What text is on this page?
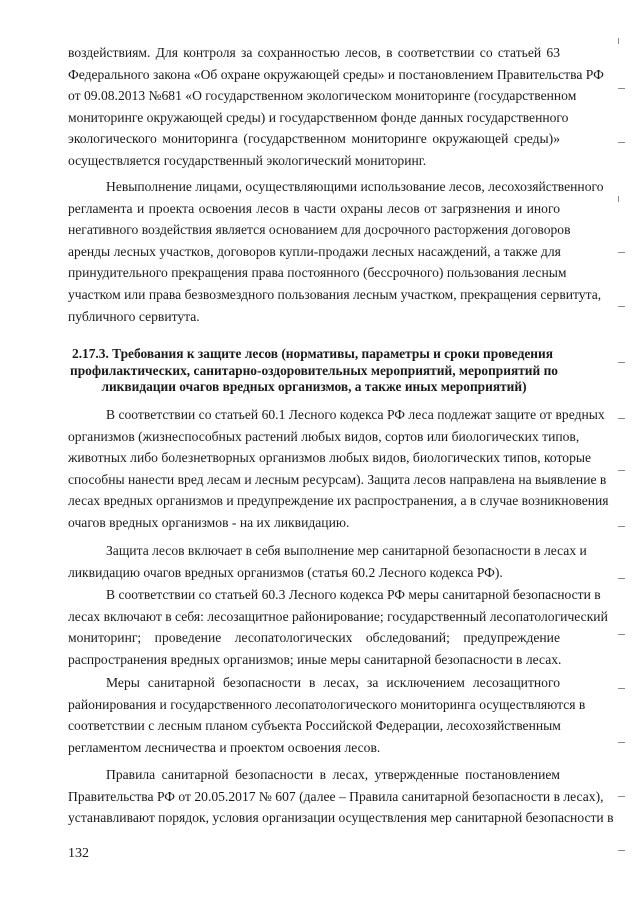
воздействиям. Для контроля за сохранностью лесов, в соответствии со статьей 63
Федерального закона «Об охране окружающей среды» и постановлением Правительства РФ
от 09.08.2013 №681 «О государственном экологическом мониторинге (государственном
мониторинге окружающей среды) и государственном фонде данных государственного
экологического мониторинга (государственном мониторинге окружающей среды)»
осуществляется государственный экологический мониторинг.
Невыполнение лицами, осуществляющими использование лесов, лесохозяйственного
регламента и проекта освоения лесов в части охраны лесов от загрязнения и иного
негативного воздействия является основанием для досрочного расторжения договоров
аренды лесных участков, договоров купли-продажи лесных насаждений, а также для
принудительного прекращения права постоянного (бессрочного) пользования лесным
участком или права безвозмездного пользования лесным участком, прекращения сервитута,
публичного сервитута.
2.17.3. Требования к защите лесов (нормативы, параметры и сроки проведения
профилактических, санитарно-оздоровительных мероприятий, мероприятий по
ликвидации очагов вредных организмов, а также иных мероприятий)
В соответствии со статьей 60.1 Лесного кодекса РФ леса подлежат защите от вредных
организмов (жизнеспособных растений любых видов, сортов или биологических типов,
животных либо болезнетворных организмов любых видов, биологических типов, которые
способны нанести вред лесам и лесным ресурсам). Защита лесов направлена на выявление в
лесах вредных организмов и предупреждение их распространения, а в случае возникновения
очагов вредных организмов - на их ликвидацию.
Защита лесов включает в себя выполнение мер санитарной безопасности в лесах и
ликвидацию очагов вредных организмов (статья 60.2 Лесного кодекса РФ).
В соответствии со статьей 60.3 Лесного кодекса РФ меры санитарной безопасности в
лесах включают в себя: лесозащитное районирование; государственный лесопатологический
мониторинг; проведение лесопатологических обследований; предупреждение
распространения вредных организмов; иные меры санитарной безопасности в лесах.
Меры санитарной безопасности в лесах, за исключением лесозащитного
районирования и государственного лесопатологического мониторинга осуществляются в
соответствии с лесным планом субъекта Российской Федерации, лесохозяйственным
регламентом лесничества и проектом освоения лесов.
Правила санитарной безопасности в лесах, утвержденные постановлением
Правительства РФ от 20.05.2017 № 607 (далее – Правила санитарной безопасности в лесах),
устанавливают порядок, условия организации осуществления мер санитарной безопасности в
132
